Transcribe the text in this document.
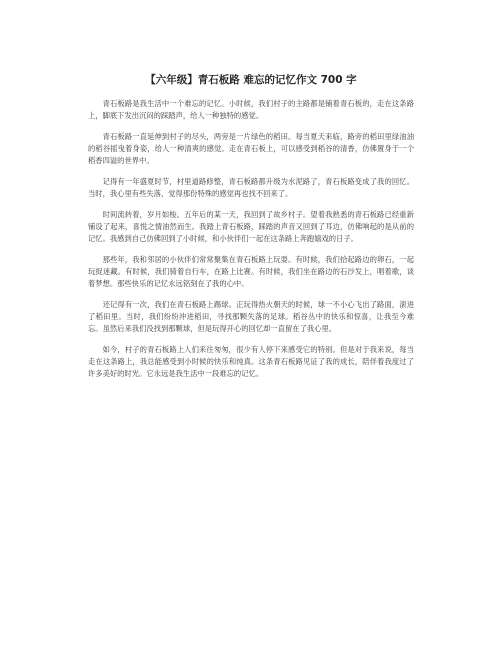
【六年级】青石板路 难忘的记忆作文 700 字

青石板路是我生活中一个难忘的记忆。小时候，我们村子的主路都是铺着青石板的，走在这条路上，脚底下发出沉闷的踩踏声，给人一种独特的感觉。

青石板路一直延伸到村子的尽头，两旁是一片绿色的稻田。每当夏天来临，路旁的稻田里绿油油的稻谷摇曳着身姿，给人一种清爽的感觉。走在青石板上，可以感受到稻谷的清香，仿佛置身于一个稻香四溢的世界中。

记得有一年盛夏时节，村里道路修整，青石板路都升级为水泥路了，青石板路变成了我的回忆。当时，我心里有些失落，觉得那份特殊的感觉再也找不回来了。

时间流转着，岁月如梭。五年后的某一天，我回到了故乡村子。望着我熟悉的青石板路已经重新铺设了起来，喜悦之情油然而生。我踏上青石板路，踩踏的声音又回到了耳边，仿佛响起的是从前的记忆。我感到自己仿佛回到了小时候，和小伙伴们一起在这条路上奔跑嬉戏的日子。

那些年，我和邻居的小伙伴们常常聚集在青石板路上玩耍。有时候，我们拾起路边的卵石，一起玩捉迷藏。有时候，我们骑着自行车，在路上比赛。有时候，我们坐在路边的石沙发上，唱着歌，谈着梦想。那些快乐的记忆永远铭刻在了我的心中。

还记得有一次，我们在青石板路上踢球。正玩得热火朝天的时候，球一不小心飞出了路面，滚进了稻田里。当时，我们纷纷冲进稻田，寻找那颗失落的足球。稻谷丛中的快乐和惊喜，让我至今难忘。虽然后来我们没找到那颗球，但是玩得开心的回忆却一直留在了我心里。

如今，村子的青石板路上人们来往匆匆，很少有人停下来感受它的特别。但是对于我来说，每当走在这条路上，我总能感受到小时候的快乐和纯真。这条青石板路见证了我的成长，陪伴着我度过了许多美好的时光。它永远是我生活中一段难忘的记忆。
